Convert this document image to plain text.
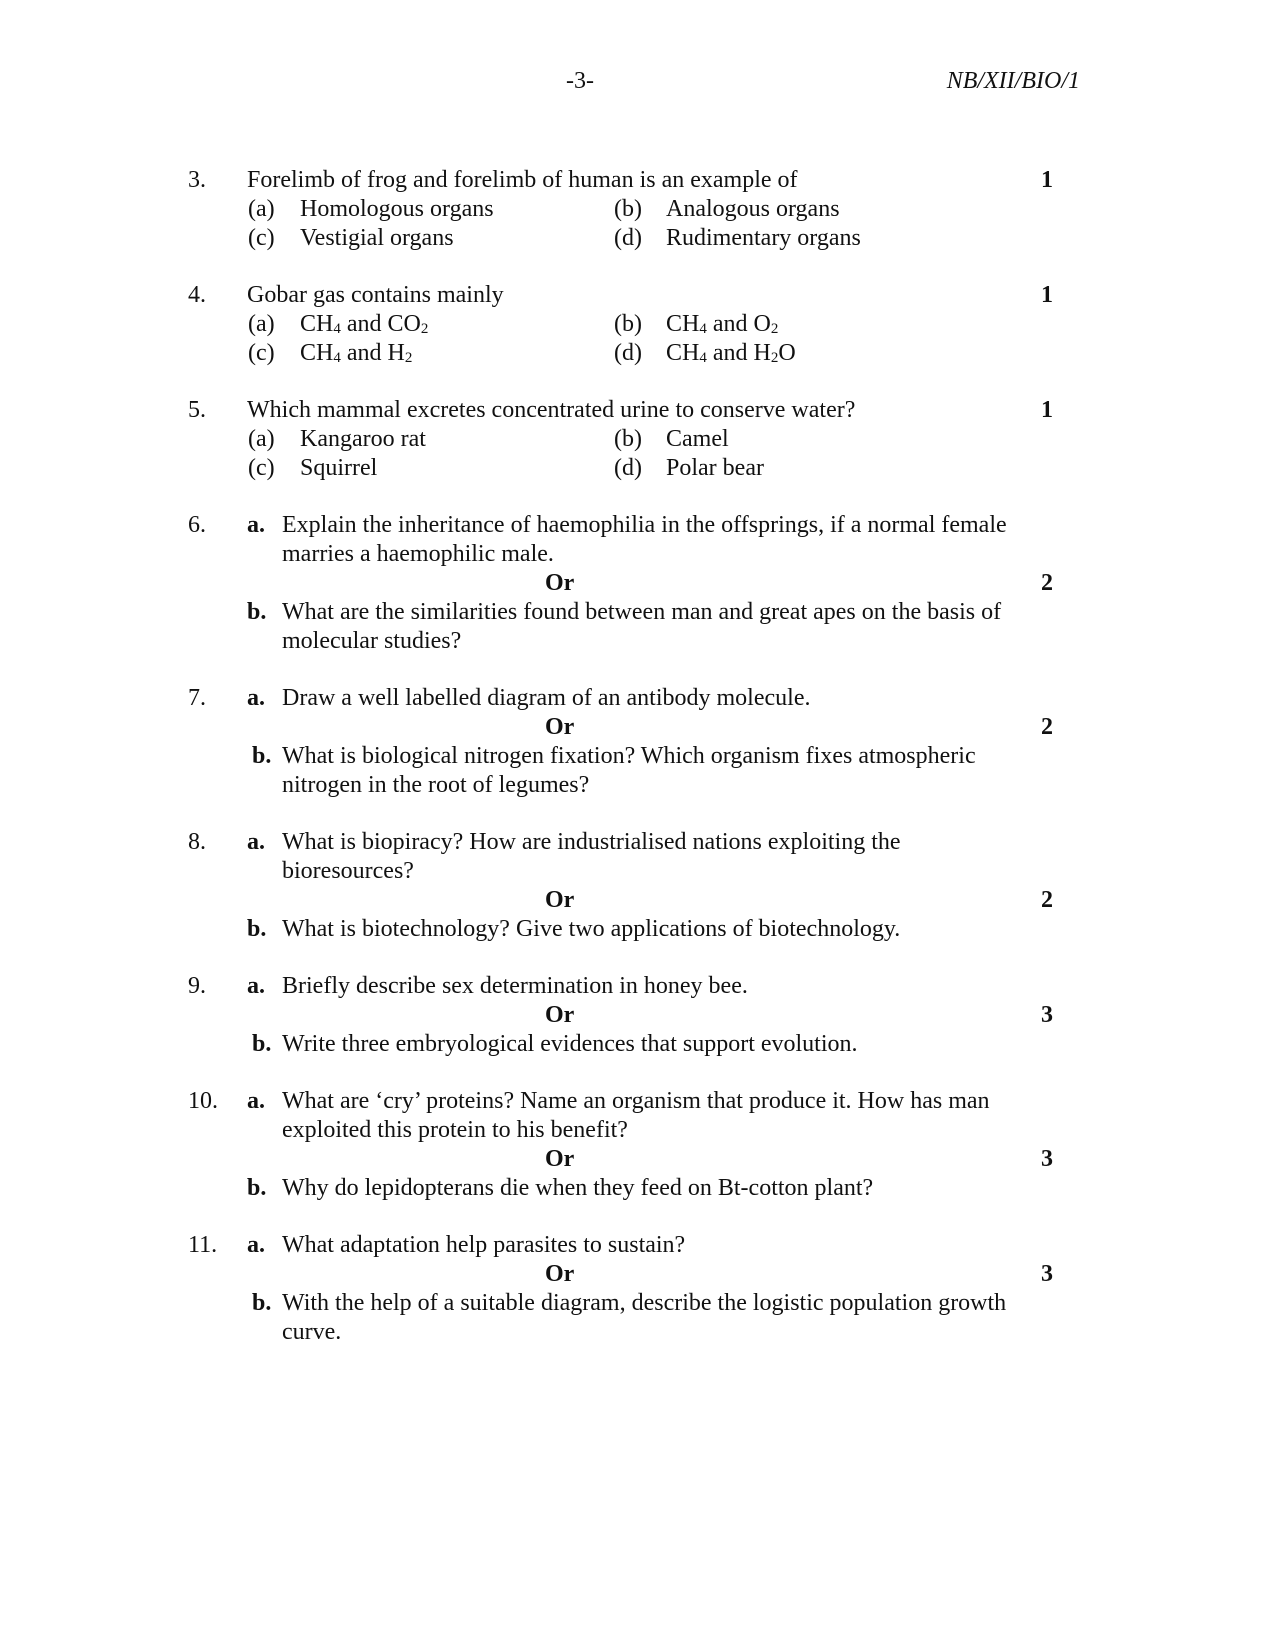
-3-	NB/XII/BIO/1
3.	Forelimb of frog and forelimb of human is an example of	1
(a) Homologous organs	(b) Analogous organs
(c) Vestigial organs	(d) Rudimentary organs
4.	Gobar gas contains mainly	1
(a) $CH_4$ and $CO_2$	(b) $CH_4$ and $O_2$
(c) $CH_4$ and $H_2$	(d) $CH_4$ and $H_2O$
5.	Which mammal excretes concentrated urine to conserve water?	1
(a) Kangaroo rat	(b) Camel
(c) Squirrel	(d) Polar bear
6.	a. Explain the inheritance of haemophilia in the offsprings, if a normal female
marries a haemophilic male.
Or	2
b. What are the similarities found between man and great apes on the basis of
molecular studies?
7.	a. Draw a well labelled diagram of an antibody molecule.
Or	2
b. What is biological nitrogen fixation? Which organism fixes atmospheric
nitrogen in the root of legumes?
8.	a. What is biopiracy? How are industrialised nations exploiting the
bioresources?
Or	2
b. What is biotechnology? Give two applications of biotechnology.
9.	a. Briefly describe sex determination in honey bee.
Or	3
b. Write three embryological evidences that support evolution.
10.	a. What are ‘cry’ proteins? Name an organism that produce it. How has man
exploited this protein to his benefit?
Or	3
b. Why do lepidopterans die when they feed on Bt-cotton plant?
11.	a. What adaptation help parasites to sustain?
Or	3
b. With the help of a suitable diagram, describe the logistic population growth
curve.
